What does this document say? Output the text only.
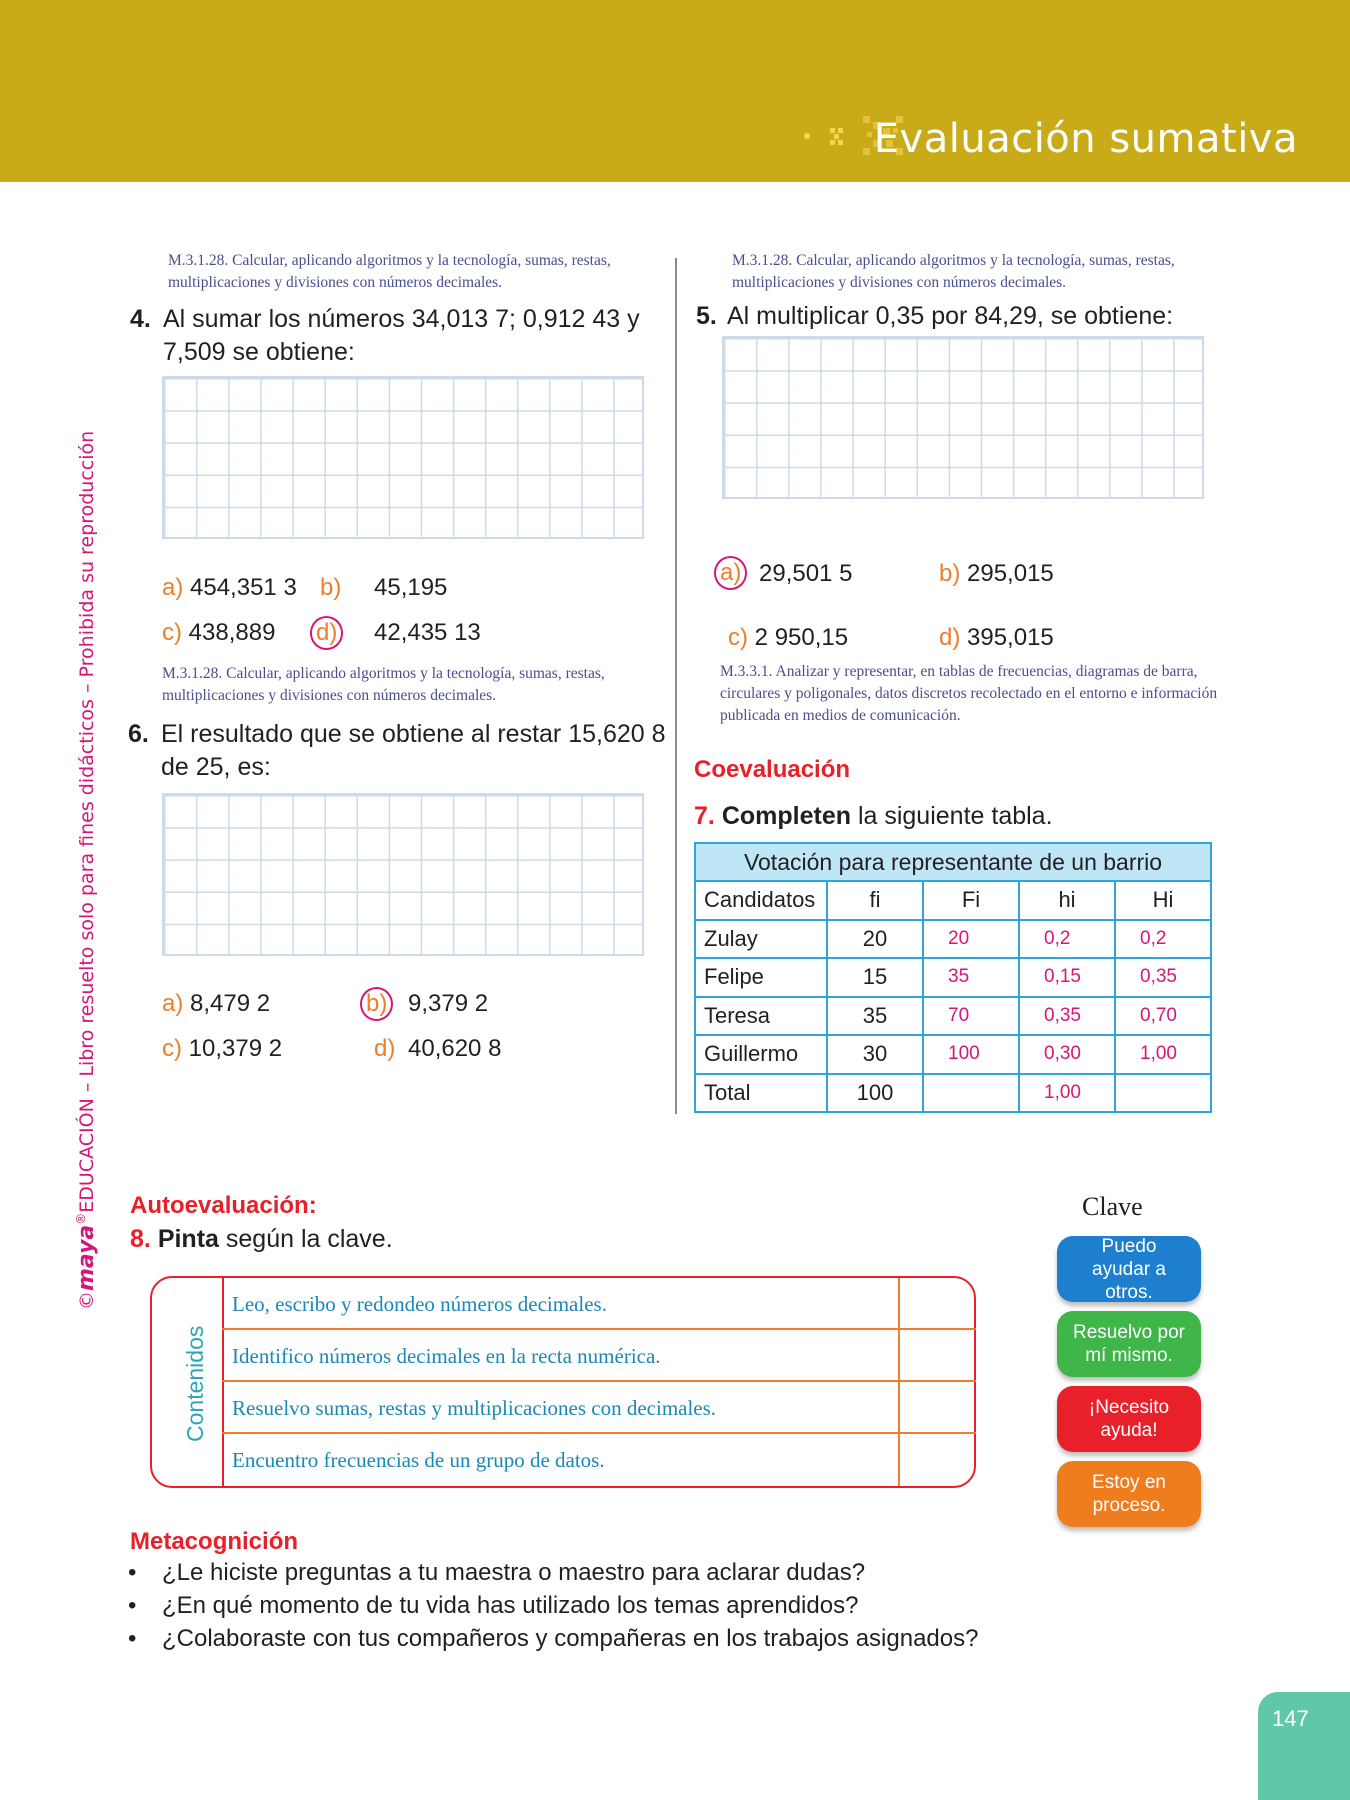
Evaluación sumativa
©maya®EDUCACIÓN – Libro resuelto solo para fines didácticos – Prohibida su reproducción
M.3.1.28. Calcular, aplicando algoritmos y la tecnología, sumas, restas, multiplicaciones y divisiones con números decimales.
4. Al sumar los números 34,013 7; 0,912 43 y 7,509 se obtiene:
a) 454,351 3 b) 45,195
c) 438,889 d) 42,435 13
M.3.1.28. Calcular, aplicando algoritmos y la tecnología, sumas, restas, multiplicaciones y divisiones con números decimales.
6. El resultado que se obtiene al restar 15,620 8 de 25, es:
a) 8,479 2	b) 9,379 2
c) 10,379 2	d) 40,620 8
M.3.1.28. Calcular, aplicando algoritmos y la tecnología, sumas, restas, multiplicaciones y divisiones con números decimales.
5. Al multiplicar 0,35 por 84,29, se obtiene:
a) 29,501 5	b) 295,015
c) 2 950,15	d) 395,015
M.3.3.1. Analizar y representar, en tablas de frecuencias, diagramas de barra, circulares y poligonales, datos discretos recolectado en el entorno e información publicada en medios de comunicación.
Coevaluación
7. Completen la siguiente tabla.
Votación para representante de un barrio				
Candidatos	fi	Fi	hi	Hi
Zulay	20	20	0,2	0,2
Felipe	15	35	0,15	0,35
Teresa	35	70	0,35	0,70
Guillermo	30	100	0,30	1,00
Total	100		1,00	
Autoevaluación:
8. Pinta según la clave.
Leo, escribo y redondeo números decimales.
Identifico números decimales en la recta numérica.
Resuelvo sumas, restas y multiplicaciones con decimales.
Encuentro frecuencias de un grupo de datos.
Contenidos
Clave
Puedo ayudar a otros.
Resuelvo por mí mismo.
¡Necesito ayuda!
Estoy en proceso.
Metacognición
• ¿Le hiciste preguntas a tu maestra o maestro para aclarar dudas?
• ¿En qué momento de tu vida has utilizado los temas aprendidos?
• ¿Colaboraste con tus compañeros y compañeras en los trabajos asignados?
147
